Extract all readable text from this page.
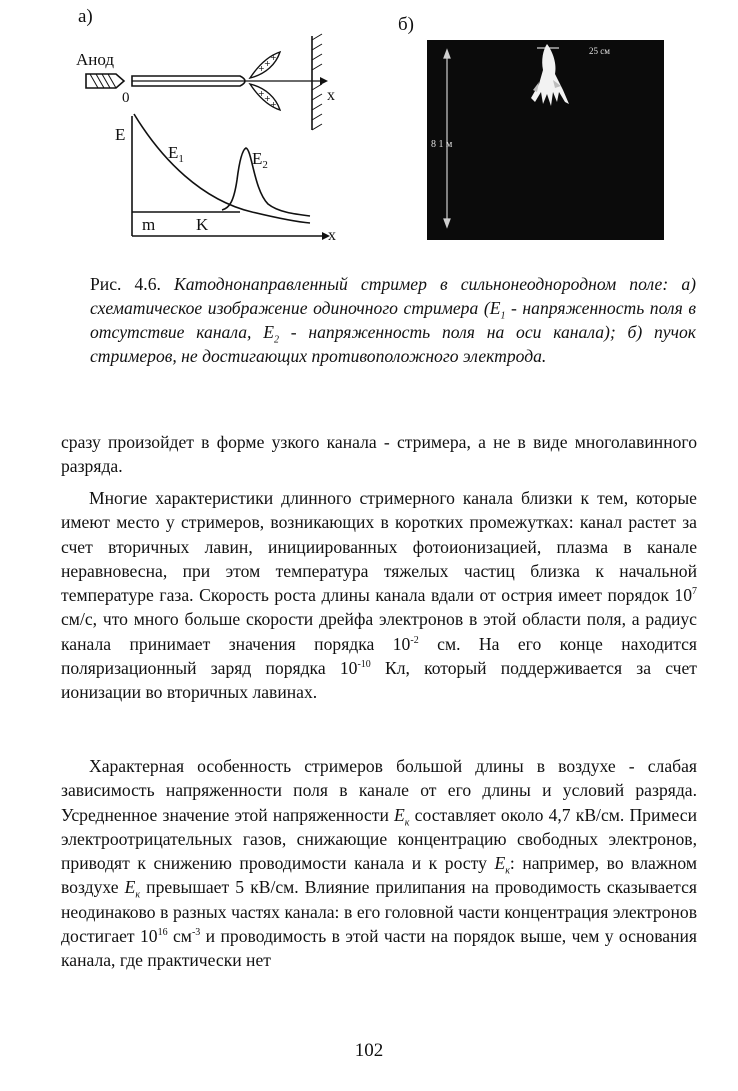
а)	б)
Анод
x
0
+
+
+
+
+
+
E
x
m K
$E_1$	$E_2$
25 см
8 1 м
Рис. 4.6. Катоднонаправленный стример в сильнонеоднородном поле: а) схематическое изображение одиночного стримера ($E_1$ - напряженность поля в отсутствие канала, $E_2$ - напряженность поля на оси канала); б) пучок стримеров, не достигающих противоположного электрода.

сразу произойдет в форме узкого канала - стримера, а не в виде многолавинного разряда.

Многие характеристики длинного стримерного канала близки к тем, которые имеют место у стримеров, возникающих в коротких промежутках: канал растет за счет вторичных лавин, инициированных фотоионизацией, плазма в канале неравновесна, при этом температура тяжелых частиц близка к начальной температуре газа. Скорость роста длины канала вдали от острия имеет порядок $10^7$ см/с, что много больше скорости дрейфа электронов в этой области поля, а радиус канала принимает значения порядка $10^{-2}$ см. На его конце находится поляризационный заряд порядка $10^{-10}$ Кл, который поддерживается за счет ионизации во вторичных лавинах.

Характерная особенность стримеров большой длины в воздухе - слабая зависимость напряженности поля в канале от его длины и условий разряда. Усредненное значение этой напряженности $E_к$ составляет около 4,7 кВ/см. Примеси электроотрицательных газов, снижающие концентрацию свободных электронов, приводят к снижению проводимости канала и к росту $E_к$: например, во влажном воздухе $E_к$ превышает 5 кВ/см. Влияние прилипания на проводимость сказывается неодинаково в разных частях канала: в его головной части концентрация электронов достигает $10^{16}$ $см^{-3}$ и проводимость в этой части на порядок выше, чем у основания канала, где практически нет

102
